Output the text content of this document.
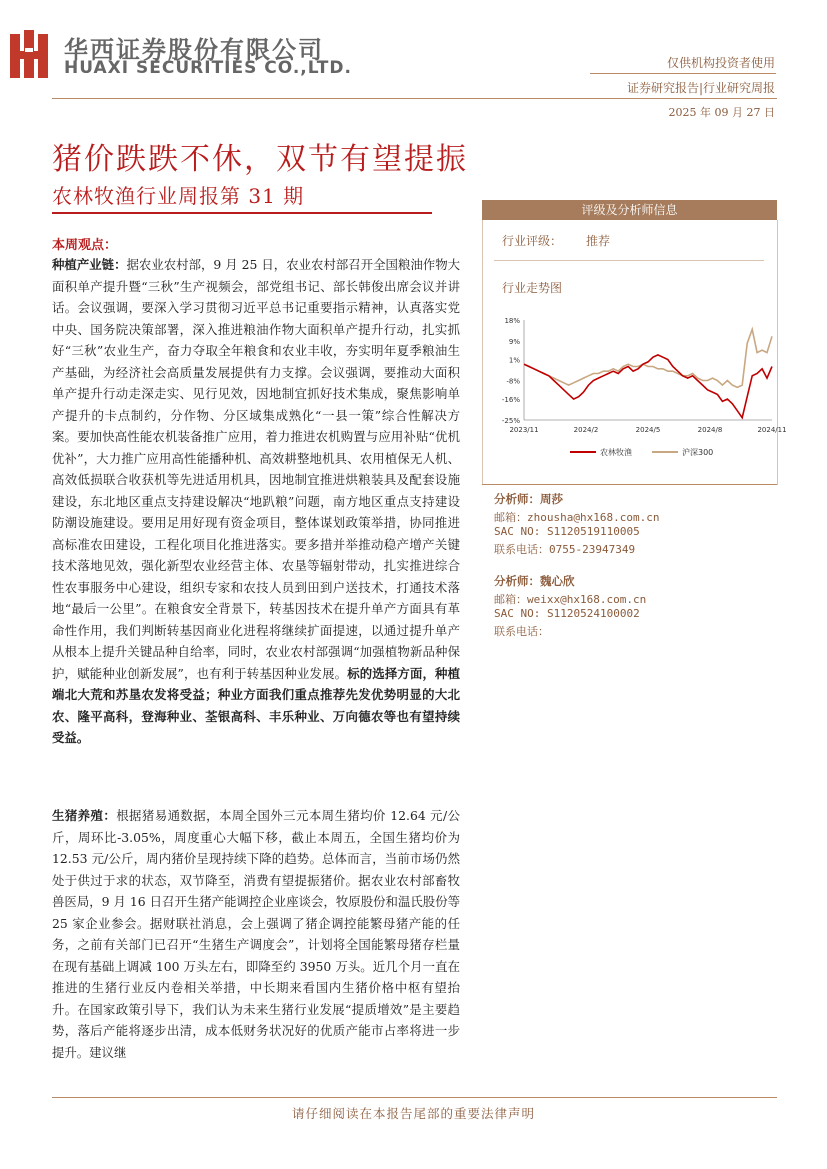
华西证券股份有限公司
HUAXI SECURITIES CO.,LTD.	仅供机构投资者使用
证券研究报告|行业研究周报
2025 年 09 月 27 日
猪价跌跌不休，双节有望提振
农林牧渔行业周报第 31 期
本周观点：
种植产业链：据农业农村部，9 月 25 日，农业农村部召开全国粮油作物大面积单产提升暨“三秋”生产视频会，部党组书记、部长韩俊出席会议并讲话。会议强调，要深入学习贯彻习近平总书记重要指示精神，认真落实党中央、国务院决策部署，深入推进粮油作物大面积单产提升行动，扎实抓好“三秋”农业生产，奋力夺取全年粮食和农业丰收，夯实明年夏季粮油生产基础，为经济社会高质量发展提供有力支撑。会议强调，要推动大面积单产提升行动走深走实、见行见效，因地制宜抓好技术集成，聚焦影响单产提升的卡点制约，分作物、分区域集成熟化“一县一策”综合性解决方案。要加快高性能农机装备推广应用，着力推进农机购置与应用补贴“优机优补”，大力推广应用高性能播种机、高效耕整地机具、农用植保无人机、高效低损联合收获机等先进适用机具，因地制宜推进烘粮装具及配套设施建设，东北地区重点支持建设解决“地趴粮”问题，南方地区重点支持建设防潮设施建设。要用足用好现有资金项目，整体谋划政策举措，协同推进高标准农田建设，工程化项目化推进落实。要多措并举推动稳产增产关键技术落地见效，强化新型农业经营主体、农垦等辐射带动，扎实推进综合性农事服务中心建设，组织专家和农技人员到田到户送技术，打通技术落地“最后一公里”。在粮食安全背景下，转基因技术在提升单产方面具有革命性作用，我们判断转基因商业化进程将继续扩面提速，以通过提升单产从根本上提升关键品种自给率，同时，农业农村部强调“加强植物新品种保护，赋能种业创新发展”，也有利于转基因种业发展。标的选择方面，种植端北大荒和苏垦农发将受益；种业方面我们重点推荐先发优势明显的大北农、隆平高科，登海种业、荃银高科、丰乐种业、万向德农等也有望持续受益。
生猪养殖：根据猪易通数据，本周全国外三元本周生猪均价 12.64 元/公斤，周环比-3.05%，周度重心大幅下移，截止本周五，全国生猪均价为 12.53 元/公斤，周内猪价呈现持续下降的趋势。总体而言，当前市场仍然处于供过于求的状态，双节降至，消费有望提振猪价。据农业农村部畜牧兽医局，9 月 16 日召开生猪产能调控企业座谈会，牧原股份和温氏股份等 25 家企业参会。据财联社消息，会上强调了猪企调控能繁母猪产能的任务，之前有关部门已召开“生猪生产调度会”，计划将全国能繁母猪存栏量在现有基础上调减 100 万头左右，即降至约 3950 万头。近几个月一直在推进的生猪行业反内卷相关举措，中长期来看国内生猪价格中枢有望抬升。在国家政策引导下，我们认为未来生猪行业发展“提质增效”是主要趋势，落后产能将逐步出清，成本低财务状况好的优质产能市占率将进一步提升。建议继
评级及分析师信息
行业评级： 推荐
行业走势图
18%
9%
1%
-8%
-16%
-25%
2023/11	2024/2	2024/5	2024/8	2024/11
农林牧渔	沪深300
分析师：周莎
邮箱：zhousha@hx168.com.cn
SAC NO: S1120519110005
联系电话：0755-23947349
分析师：魏心欣
邮箱：weixx@hx168.com.cn
SAC NO: S1120524100002
联系电话：
请仔细阅读在本报告尾部的重要法律声明
